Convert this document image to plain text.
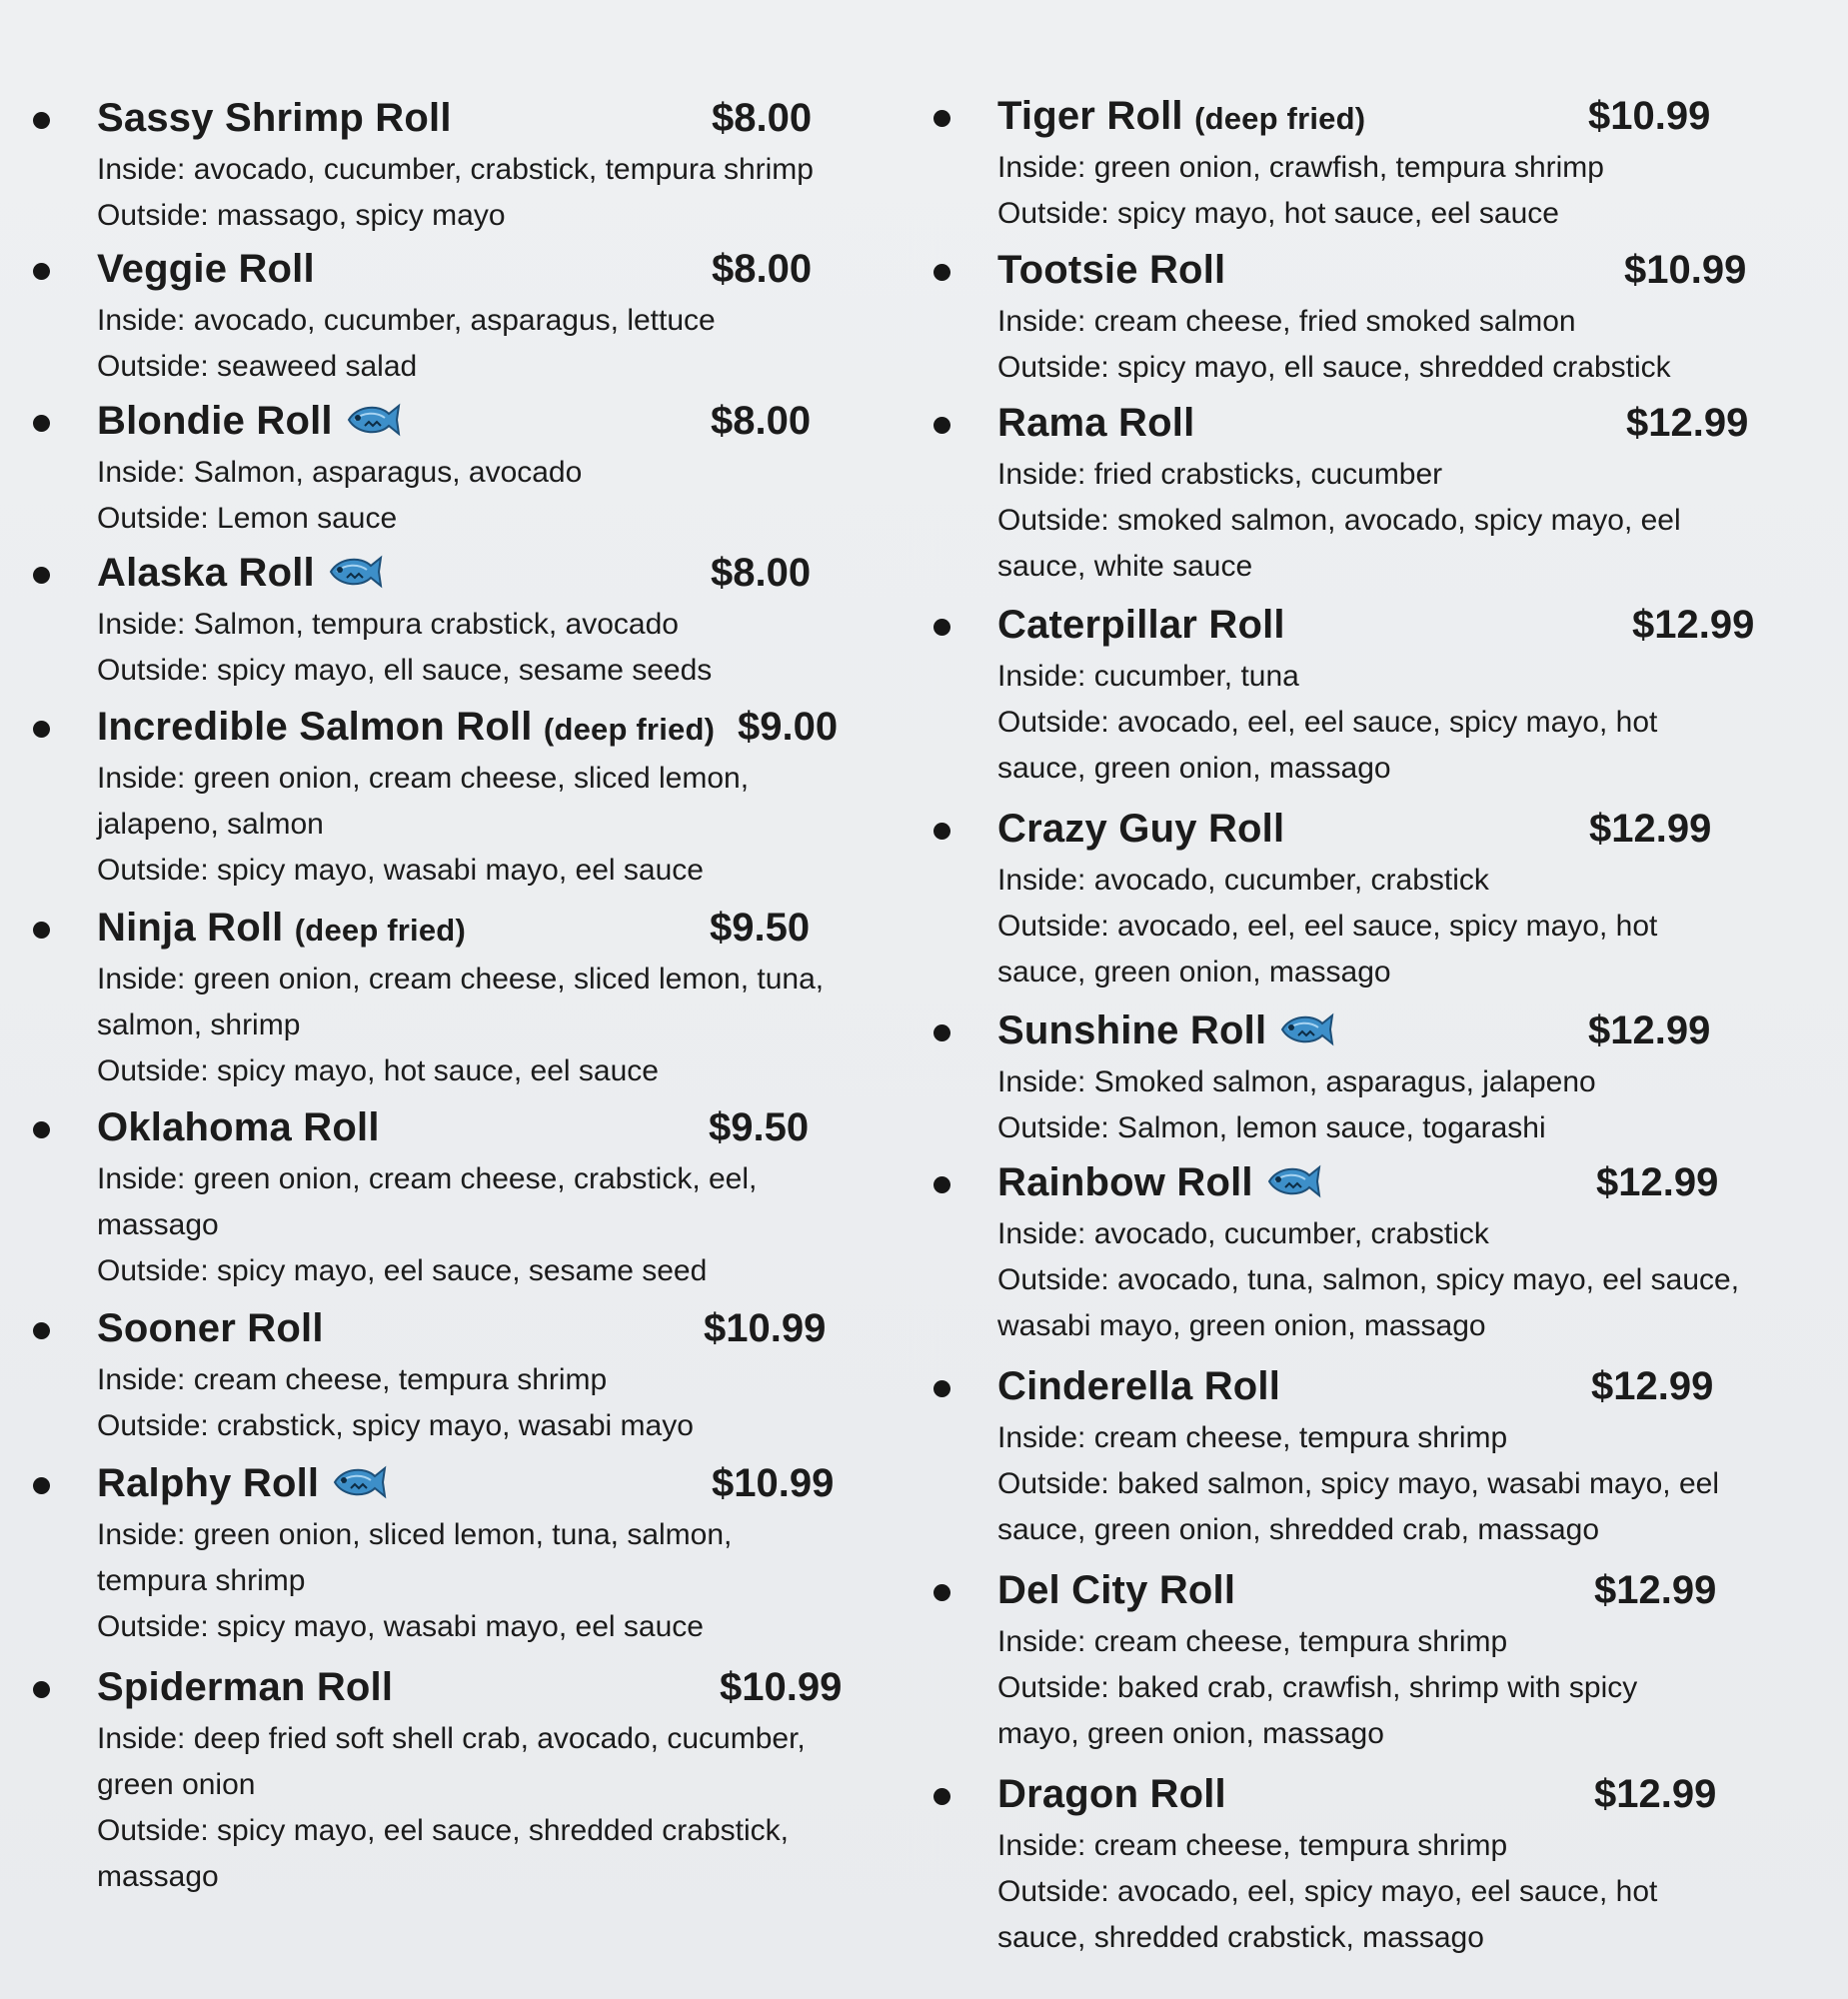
Sassy Shrimp Roll	$8.00
Inside: avocado, cucumber, crabstick, tempura shrimp
Outside: massago, spicy mayo
Veggie Roll	$8.00
Inside: avocado, cucumber, asparagus, lettuce
Outside: seaweed salad
Blondie Roll	$8.00
Inside: Salmon, asparagus, avocado
Outside: Lemon sauce
Alaska Roll	$8.00
Inside: Salmon, tempura crabstick, avocado
Outside: spicy mayo, ell sauce, sesame seeds
Incredible Salmon Roll (deep fried) $9.00
Inside: green onion, cream cheese, sliced lemon,
jalapeno, salmon
Outside: spicy mayo, wasabi mayo, eel sauce
Ninja Roll (deep fried)	$9.50
Inside: green onion, cream cheese, sliced lemon, tuna,
salmon, shrimp
Outside: spicy mayo, hot sauce, eel sauce
Oklahoma Roll	$9.50
Inside: green onion, cream cheese, crabstick, eel,
massago
Outside: spicy mayo, eel sauce, sesame seed
Sooner Roll	$10.99
Inside: cream cheese, tempura shrimp
Outside: crabstick, spicy mayo, wasabi mayo
Ralphy Roll	$10.99
Inside: green onion, sliced lemon, tuna, salmon,
tempura shrimp
Outside: spicy mayo, wasabi mayo, eel sauce
Spiderman Roll	$10.99
Inside: deep fried soft shell crab, avocado, cucumber,
green onion
Outside: spicy mayo, eel sauce, shredded crabstick,
massago
Tiger Roll (deep fried)	$10.99
Inside: green onion, crawfish, tempura shrimp
Outside: spicy mayo, hot sauce, eel sauce
Tootsie Roll	$10.99
Inside: cream cheese, fried smoked salmon
Outside: spicy mayo, ell sauce, shredded crabstick
Rama Roll	$12.99
Inside: fried crabsticks, cucumber
Outside: smoked salmon, avocado, spicy mayo, eel
sauce, white sauce
Caterpillar Roll	$12.99
Inside: cucumber, tuna
Outside: avocado, eel, eel sauce, spicy mayo, hot
sauce, green onion, massago
Crazy Guy Roll	$12.99
Inside: avocado, cucumber, crabstick
Outside: avocado, eel, eel sauce, spicy mayo, hot
sauce, green onion, massago
Sunshine Roll	$12.99
Inside: Smoked salmon, asparagus, jalapeno
Outside: Salmon, lemon sauce, togarashi
Rainbow Roll	$12.99
Inside: avocado, cucumber, crabstick
Outside: avocado, tuna, salmon, spicy mayo, eel sauce,
wasabi mayo, green onion, massago
Cinderella Roll	$12.99
Inside: cream cheese, tempura shrimp
Outside: baked salmon, spicy mayo, wasabi mayo, eel
sauce, green onion, shredded crab, massago
Del City Roll	$12.99
Inside: cream cheese, tempura shrimp
Outside: baked crab, crawfish, shrimp with spicy
mayo, green onion, massago
Dragon Roll	$12.99
Inside: cream cheese, tempura shrimp
Outside: avocado, eel, spicy mayo, eel sauce, hot
sauce, shredded crabstick, massago
